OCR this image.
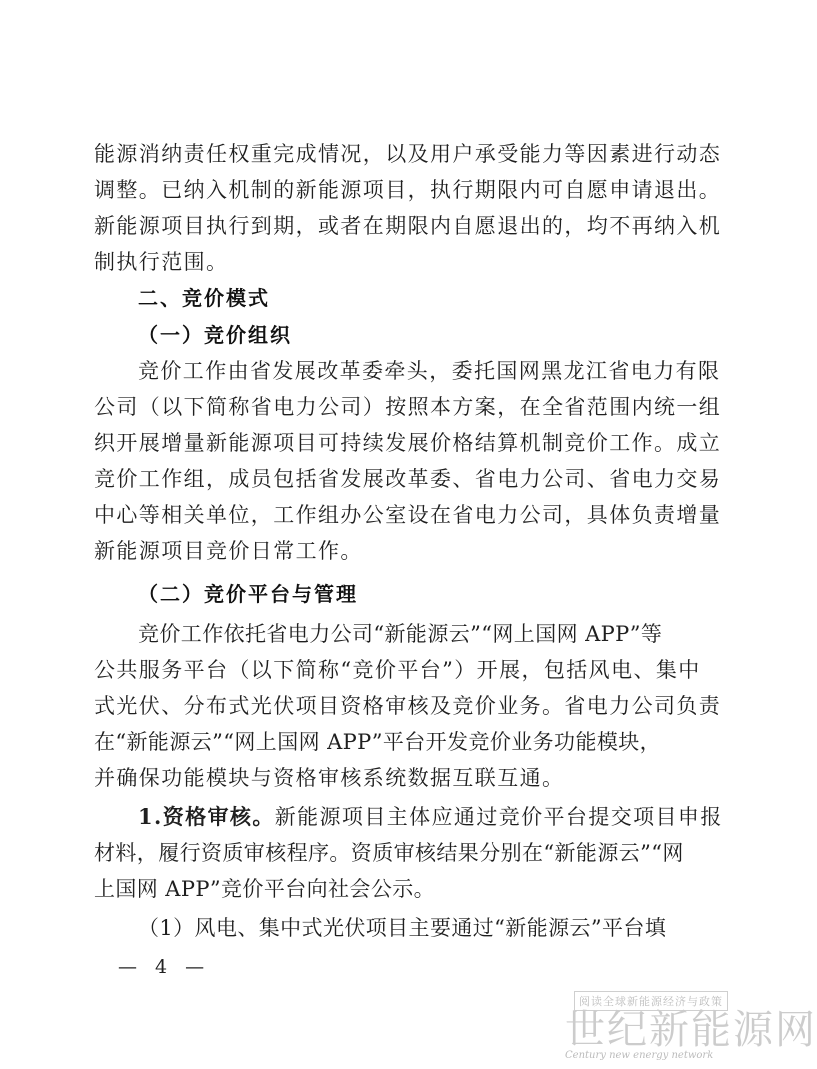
能源消纳责任权重完成情况，以及用户承受能力等因素进行动态
调整。已纳入机制的新能源项目，执行期限内可自愿申请退出。
新能源项目执行到期，或者在期限内自愿退出的，均不再纳入机
制执行范围。
二、竞价模式
（一）竞价组织
竞价工作由省发展改革委牵头，委托国网黑龙江省电力有限
公司（以下简称省电力公司）按照本方案，在全省范围内统一组
织开展增量新能源项目可持续发展价格结算机制竞价工作。成立
竞价工作组，成员包括省发展改革委、省电力公司、省电力交易
中心等相关单位，工作组办公室设在省电力公司，具体负责增量
新能源项目竞价日常工作。
（二）竞价平台与管理
竞价工作依托省电力公司“新能源云”“网上国网 APP”等
公共服务平台（以下简称“竞价平台”）开展，包括风电、集中
式光伏、分布式光伏项目资格审核及竞价业务。省电力公司负责
在“新能源云”“网上国网 APP”平台开发竞价业务功能模块，
并确保功能模块与资格审核系统数据互联互通。
1.资格审核。新能源项目主体应通过竞价平台提交项目申报
材料，履行资质审核程序。资质审核结果分别在“新能源云”“网
上国网 APP”竞价平台向社会公示。
（1）风电、集中式光伏项目主要通过“新能源云”平台填
— 4 —
阅读全球新能源经济与政策
世纪新能源网
Century new energy network
